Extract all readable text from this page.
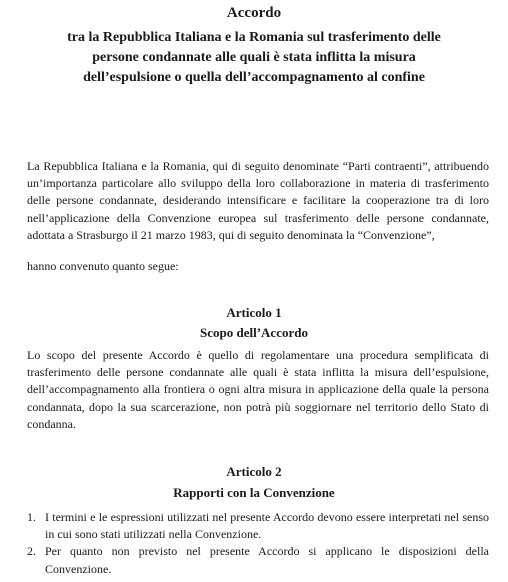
Accordo
tra la Repubblica Italiana e la Romania sul trasferimento delle
persone condannate alle quali è stata inflitta la misura
dell’espulsione o quella dell’accompagnamento al confine

La Repubblica Italiana e la Romania, qui di seguito denominate “Parti contraenti”, attribuendo un’importanza particolare allo sviluppo della loro collaborazione in materia di trasferimento delle persone condannate, desiderando intensificare e facilitare la cooperazione tra di loro nell’applicazione della Convenzione europea sul trasferimento delle persone condannate, adottata a Strasburgo il 21 marzo 1983, qui di seguito denominata la “Convenzione”,

hanno convenuto quanto segue:

Articolo 1
Scopo dell’Accordo

Lo scopo del presente Accordo è quello di regolamentare una procedura semplificata di trasferimento delle persone condannate alle quali è stata inflitta la misura dell’espulsione, dell’accompagnamento alla frontiera o ogni altra misura in applicazione della quale la persona condannata, dopo la sua scarcerazione, non potrà più soggiornare nel territorio dello Stato di condanna.

Articolo 2
Rapporti con la Convenzione
1. I termini e le espressioni utilizzati nel presente Accordo devono essere interpretati nel senso in cui sono stati utilizzati nella Convenzione.
2. Per quanto non previsto nel presente Accordo si applicano le disposizioni della Convenzione.
